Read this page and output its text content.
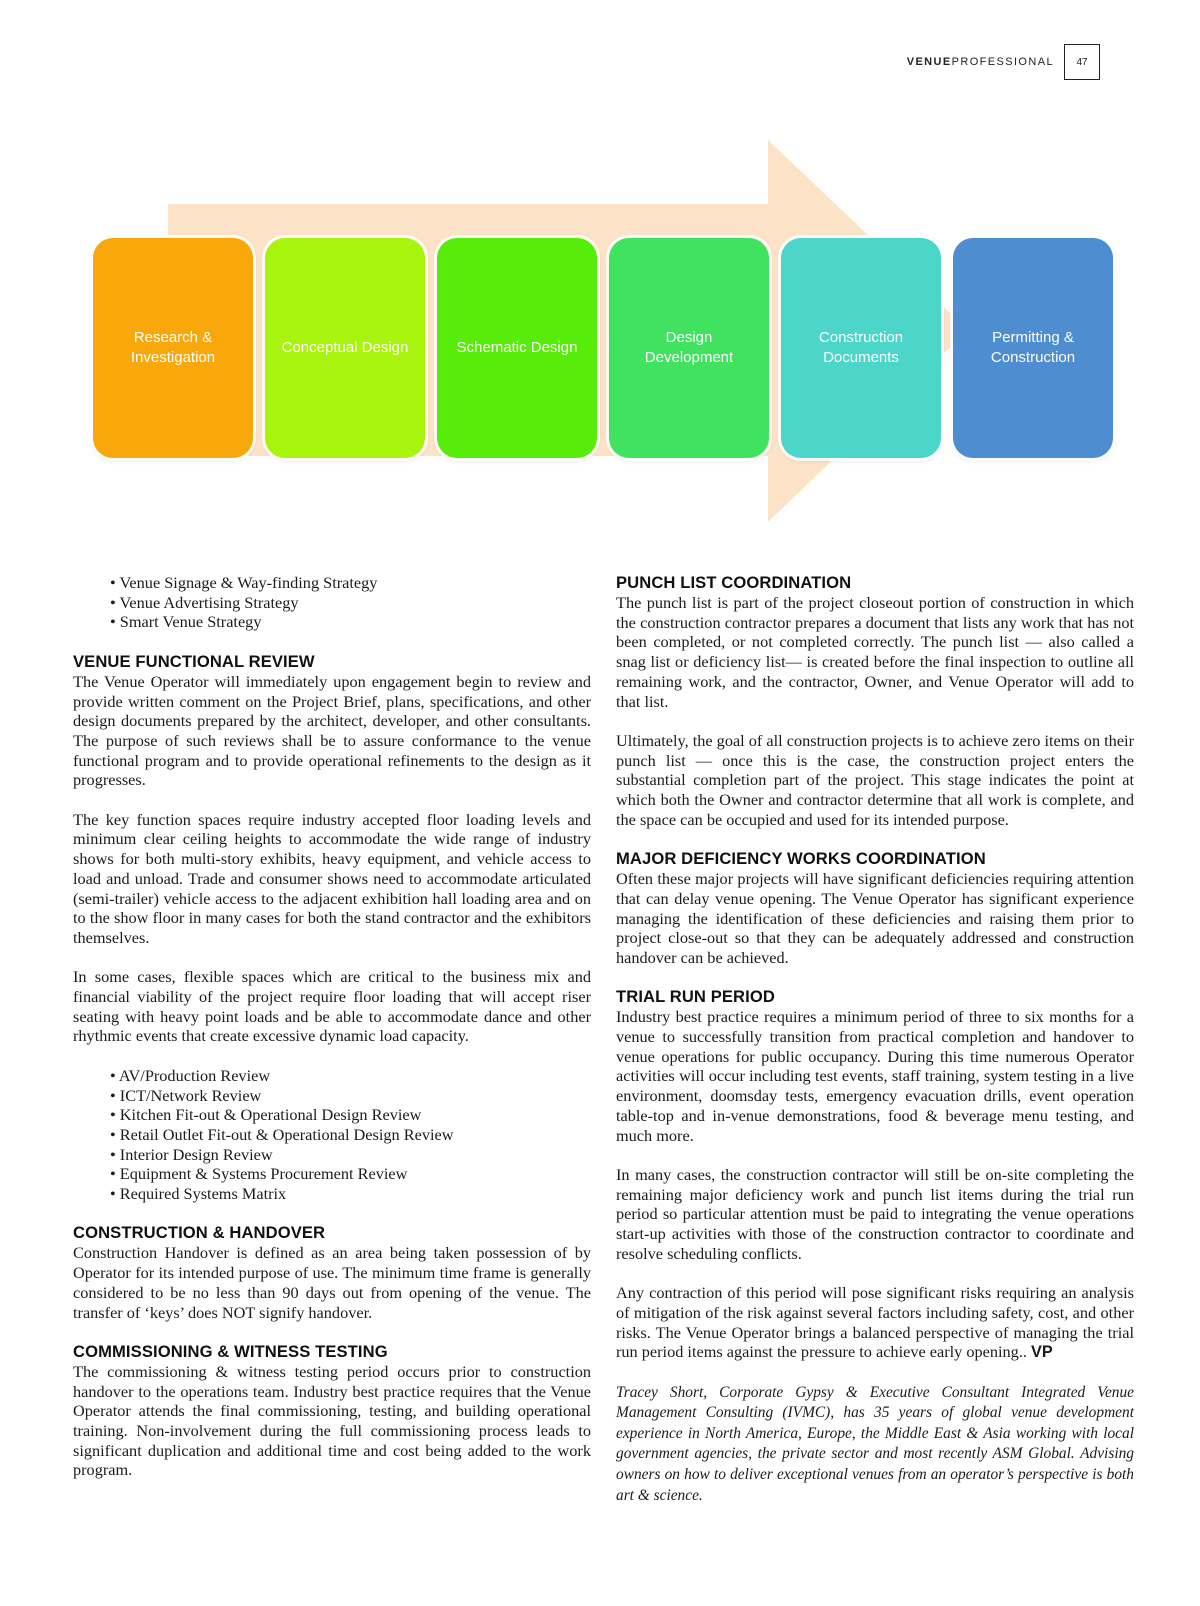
VENUEPROFESSIONAL	47
Research &
Investigation
Conceptual Design	Schematic Design
Design
Development
Construction
Documents
Permitting &
Construction
• Venue Signage & Way-finding Strategy
• Venue Advertising Strategy
• Smart Venue Strategy
VENUE FUNCTIONAL REVIEW

The Venue Operator will immediately upon engagement begin to review and provide written comment on the Project Brief, plans, specifications, and other design documents prepared by the architect, developer, and other consultants. The purpose of such reviews shall be to assure conformance to the venue functional program and to provide operational refinements to the design as it progresses.

The key function spaces require industry accepted floor loading levels and minimum clear ceiling heights to accommodate the wide range of industry shows for both multi-story exhibits, heavy equipment, and vehicle access to load and unload. Trade and consumer shows need to accommodate articulated (semi-trailer) vehicle access to the adjacent exhibition hall loading area and on to the show floor in many cases for both the stand contractor and the exhibitors themselves.

In some cases, flexible spaces which are critical to the business mix and financial viability of the project require floor loading that will accept riser seating with heavy point loads and be able to accommodate dance and other rhythmic events that create excessive dynamic load capacity.

• AV/Production Review
• ICT/Network Review
• Kitchen Fit-out & Operational Design Review
• Retail Outlet Fit-out & Operational Design Review
• Interior Design Review
• Equipment & Systems Procurement Review
• Required Systems Matrix
CONSTRUCTION & HANDOVER

Construction Handover is defined as an area being taken possession of by Operator for its intended purpose of use. The minimum time frame is generally considered to be no less than 90 days out from opening of the venue. The transfer of ‘keys’ does NOT signify handover.

COMMISSIONING & WITNESS TESTING

The commissioning & witness testing period occurs prior to construction handover to the operations team. Industry best practice requires that the Venue Operator attends the final commissioning, testing, and building operational training. Non-involvement during the full commissioning process leads to significant duplication and additional time and cost being added to the work program.

PUNCH LIST COORDINATION

The punch list is part of the project closeout portion of construction in which the construction contractor prepares a document that lists any work that has not been completed, or not completed correctly. The punch list — also called a snag list or deficiency list— is created before the final inspection to outline all remaining work, and the contractor, Owner, and Venue Operator will add to that list.

Ultimately, the goal of all construction projects is to achieve zero items on their punch list — once this is the case, the construction project enters the substantial completion part of the project. This stage indicates the point at which both the Owner and contractor determine that all work is complete, and the space can be occupied and used for its intended purpose.

MAJOR DEFICIENCY WORKS COORDINATION

Often these major projects will have significant deficiencies requiring attention that can delay venue opening. The Venue Operator has significant experience managing the identification of these deficiencies and raising them prior to project close-out so that they can be adequately addressed and construction handover can be achieved.

TRIAL RUN PERIOD

Industry best practice requires a minimum period of three to six months for a venue to successfully transition from practical completion and handover to venue operations for public occupancy. During this time numerous Operator activities will occur including test events, staff training, system testing in a live environment, doomsday tests, emergency evacuation drills, event operation table-top and in-venue demonstrations, food & beverage menu testing, and much more.

In many cases, the construction contractor will still be on-site completing the remaining major deficiency work and punch list items during the trial run period so particular attention must be paid to integrating the venue operations start-up activities with those of the construction contractor to coordinate and resolve scheduling conflicts.

Any contraction of this period will pose significant risks requiring an analysis of mitigation of the risk against several factors including safety, cost, and other risks. The Venue Operator brings a balanced perspective of managing the trial run period items against the pressure to achieve early opening.. VP

Tracey Short, Corporate Gypsy & Executive Consultant Integrated Venue Management Consulting (IVMC), has 35 years of global venue development experience in North America, Europe, the Middle East & Asia working with local government agencies, the private sector and most recently ASM Global. Advising owners on how to deliver exceptional venues from an operator’s perspective is both art & science.
